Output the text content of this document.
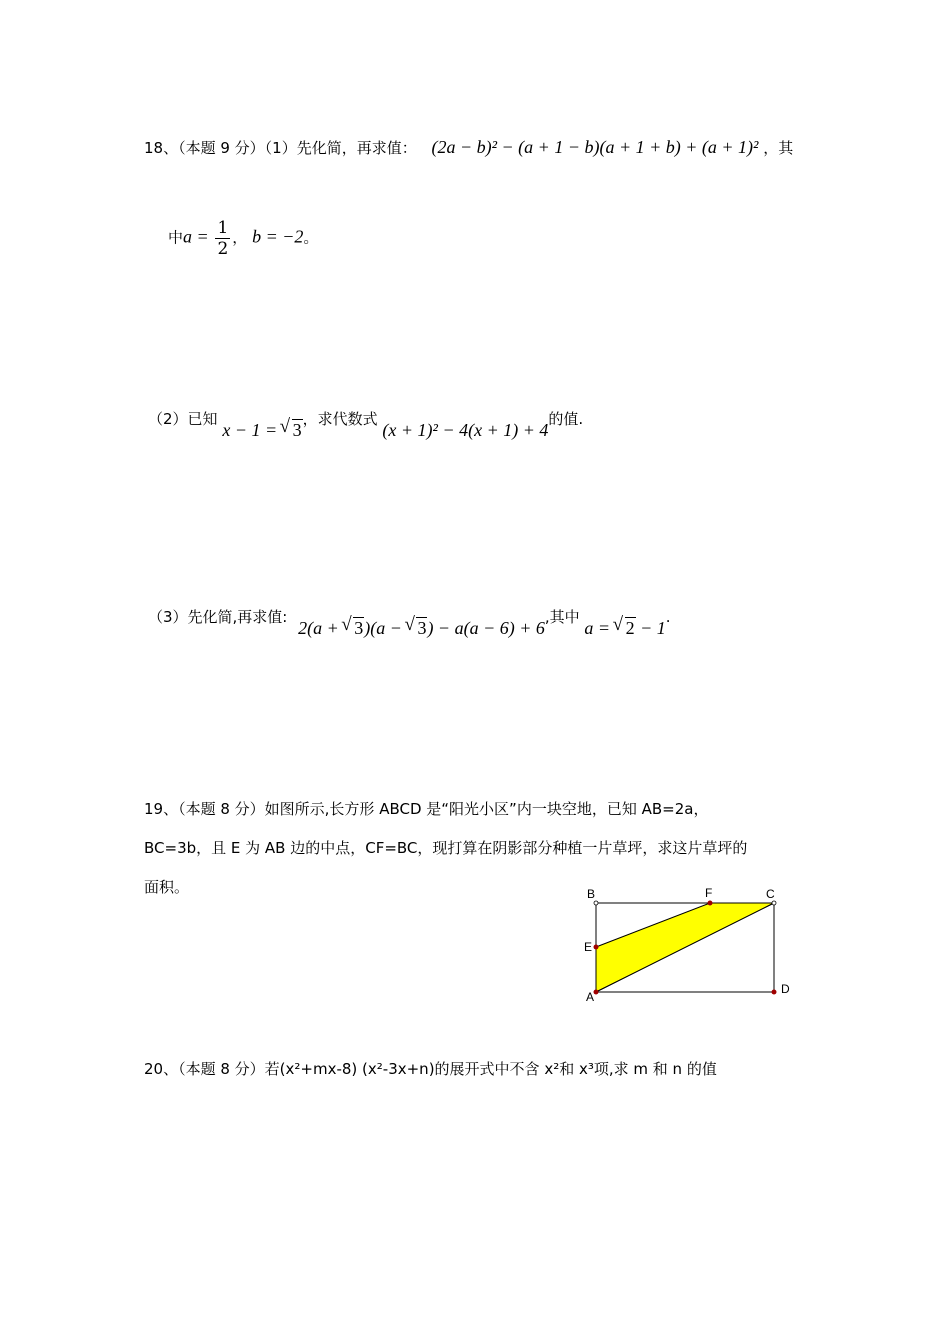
18、（本题 9 分）（1）先化简，再求值： (2a − b)² − (a + 1 − b)(a + 1 + b) + (a + 1)² ，其
中$a = \frac{1}{2}$ ， b = −2。
（2）已知 x − 1 = √ 3，求代数式 (x + 1)² − 4(x + 1) + 4的值.
（3）先化简,再求值: 2(a + √ 3)(a − √ 3) − a(a − 6) + 6,其中 a = √ 2 − 1.
19、（本题 8 分）如图所示,长方形 ABCD 是“阳光小区”内一块空地，已知 AB=2a，
BC=3b，且 E 为 AB 边的中点，CF=BC，现打算在阴影部分种植一片草坪，求这片草坪的
面积。	B	F	C
E
A
D
20、（本题 8 分）若(x²+mx-8) (x²-3x+n)的展开式中不含 x²和 x³项,求 m 和 n 的值
